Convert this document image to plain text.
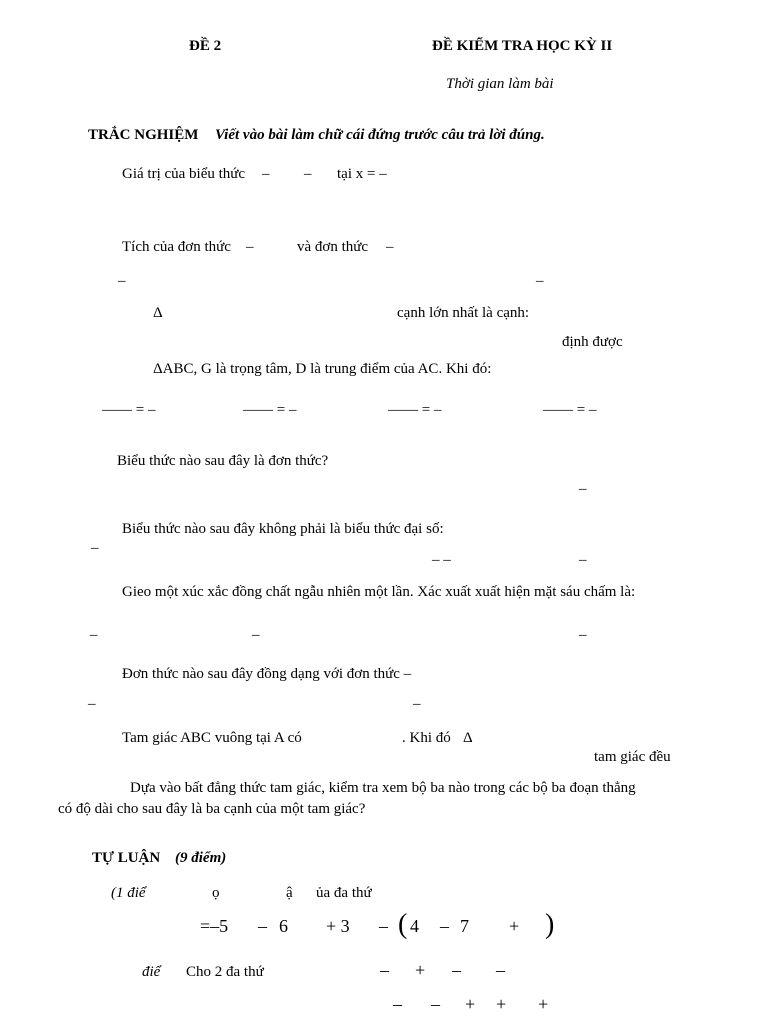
ĐỀ 2	ĐỀ KIỂM TRA HỌC KỲ II
Thời gian làm bài
TRẮC NGHIỆM Viết vào bài làm chữ cái đứng trước câu trả lời đúng.
Giá trị của biểu thức – – tại x = –
Tích của đơn thức –	và đơn thức –
–	–
Δ	cạnh lớn nhất là cạnh:
định được
ΔABC, G là trọng tâm, D là trung điểm của AC. Khi đó:
—— = –	—— = –	—— = –	—— = –
Biểu thức nào sau đây là đơn thức?
–
Biểu thức nào sau đây không phải là biểu thức đại số:
–
– –	–
Gieo một xúc xắc đồng chất ngẫu nhiên một lần. Xác xuất xuất hiện mặt sáu chấm là:
–	–	–
Đơn thức nào sau đây đồng dạng với đơn thức –
–	–
Tam giác ABC vuông tại A có	. Khi đó Δ
tam giác đều
Dựa vào bất đẳng thức tam giác, kiểm tra xem bộ ba nào trong các bộ ba đoạn thẳng
có độ dài cho sau đây là ba cạnh của một tam giác?
TỰ LUẬN (9 điểm)
(1 điể	ọ	ậ ủa đa thứ
=–5 – 6 + 3 – ( 4 – 7 + )
điể Cho 2 đa thứ	– + – –
– – + + +
